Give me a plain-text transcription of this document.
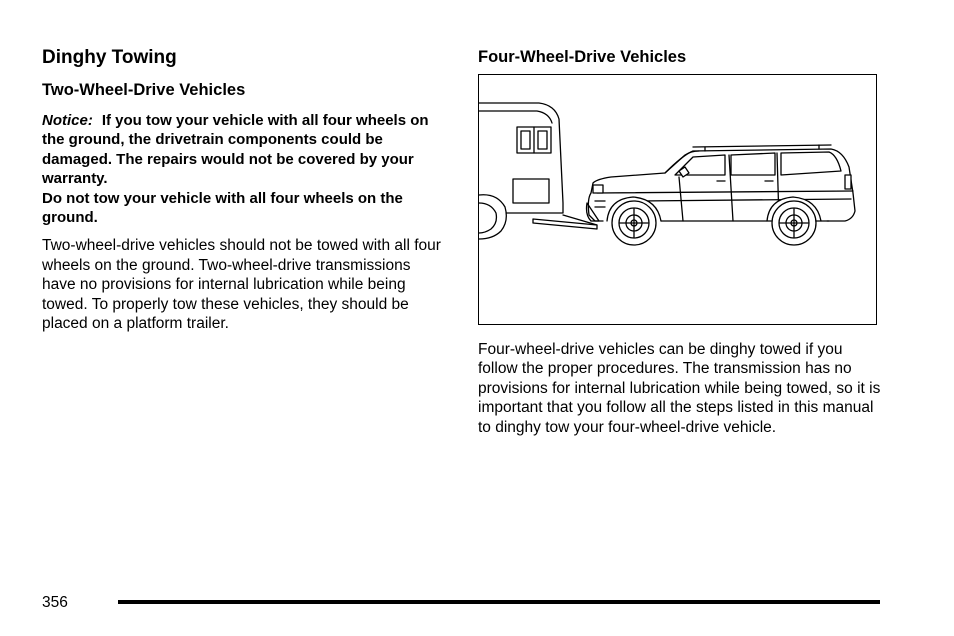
Dinghy Towing
Two-Wheel-Drive Vehicles
Notice: If you tow your vehicle with all four wheels on the ground, the drivetrain components could be damaged. The repairs would not be covered by your warranty.
Do not tow your vehicle with all four wheels on the ground.

Two-wheel-drive vehicles should not be towed with all four wheels on the ground. Two-wheel-drive transmissions have no provisions for internal lubrication while being towed. To properly tow these vehicles, they should be placed on a platform trailer.

Four-Wheel-Drive Vehicles

Four-wheel-drive vehicles can be dinghy towed if you follow the proper procedures. The transmission has no provisions for internal lubrication while being towed, so it is important that you follow all the steps listed in this manual to dinghy tow your four-wheel-drive vehicle.

356
